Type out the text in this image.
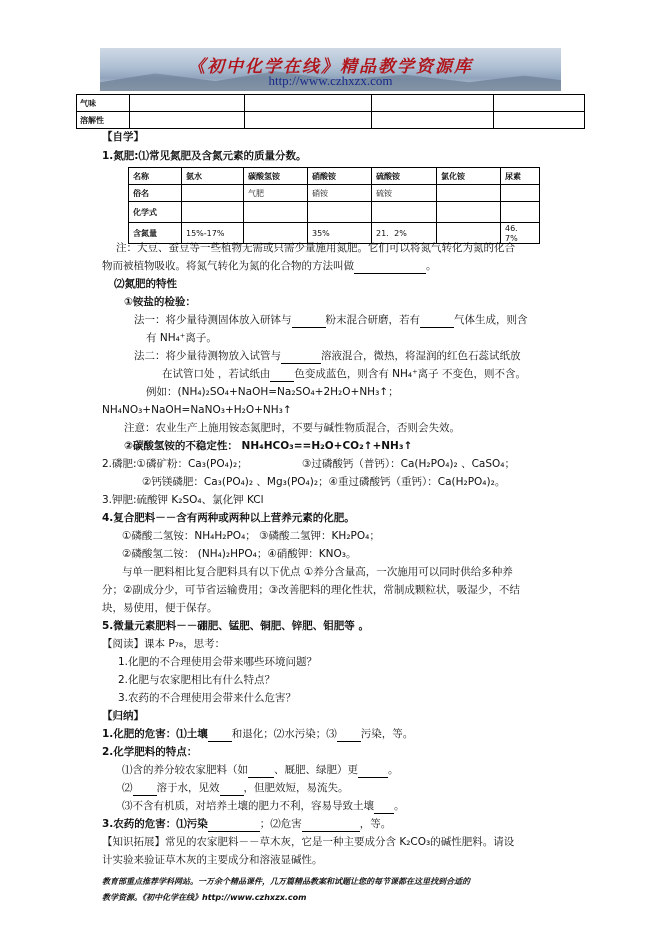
《初中化学在线》精品教学资源库
http://www.czhxzx.com
气味				
溶解性				
【自学】
1.氮肥:⑴常见氮肥及含氮元素的质量分数。
名称	氨水	碳酸氢铵	硝酸铵	硫酸铵	氯化铵	尿素
俗名		气肥	硝铵	硫铵		
化学式						
含氮量	15%-17%		35%	21．2%		46．7%
注：大豆、蚕豆等一些植物无需或只需少量施用氮肥。它们可以将氮气转化为氮的化合
物而被植物吸收。将氮气转化为氮的化合物的方法叫做	。
⑵氮肥的特性
①铵盐的检验：
法一：将少量待测固体放入研钵与	粉末混合研磨，若有	气体生成，则含
有 NH₄⁺离子。
法二：将少量待测物放入试管与	溶液混合，微热，将湿润的红色石蕊试纸放
在试管口处 ，若试纸由 色变成蓝色，则含有 NH₄⁺离子 不变色，则不含。
例如：(NH₄)₂SO₄+NaOH=Na₂SO₄+2H₂O+NH₃↑；
NH₄NO₃+NaOH=NaNO₃+H₂O+NH₃↑
注意：农业生产上施用铵态氮肥时，不要与碱性物质混合，否则会失效。
②碳酸氢铵的不稳定性： NH₄HCO₃==H₂O+CO₂↑+NH₃↑
2.磷肥:①磷矿粉：Ca₃(PO₄)₂；	③过磷酸钙（普钙）：Ca(H₂PO₄)₂ 、CaSO₄；
②钙镁磷肥：Ca₃(PO₄)₂ 、Mg₃(PO₄)₂；④重过磷酸钙（重钙）：Ca(H₂PO₄)₂。
3.钾肥:硫酸钾 K₂SO₄、氯化钾 KCl
4.复合肥料－－含有两种或两种以上营养元素的化肥。
①磷酸二氢铵：NH₄H₂PO₄； ③磷酸二氢钾：KH₂PO₄；
②磷酸氢二铵： (NH₄)₂HPO₄；④硝酸钾：KNO₃。
与单一肥料相比复合肥料具有以下优点 ①养分含量高，一次施用可以同时供给多种养
分；②副成分少，可节省运输费用；③改善肥料的理化性状，常制成颗粒状，吸湿少，不结
块，易使用，便于保存。
5.微量元素肥料－－硼肥、锰肥、铜肥、锌肥、钼肥等 。
【阅读】课本 P₇₈，思考：
1.化肥的不合理使用会带来哪些环境问题？
2.化肥与农家肥相比有什么特点？
3.农药的不合理使用会带来什么危害？
【归纳】
1.化肥的危害：⑴土壤 和退化；⑵水污染；⑶ 污染，等。
2.化学肥料的特点：
⑴含的养分较农家肥料（如 、厩肥、绿肥）更	。
⑵ 溶于水，见效 ，但肥效短，易流失。
⑶不含有机质，对培养土壤的肥力不利，容易导致土壤 。
3.农药的危害：⑴污染	；⑵危害	，等。
【知识拓展】常见的农家肥料－－草木灰，它是一种主要成分含 K₂CO₃的碱性肥料。请设
计实验来验证草木灰的主要成分和溶液显碱性。
教育部重点推荐学科网站。一万余个精品课件，几万篇精品教案和试题让您的每节课都在这里找到合适的
教学资源。《初中化学在线》http://www.czhxzx.com
